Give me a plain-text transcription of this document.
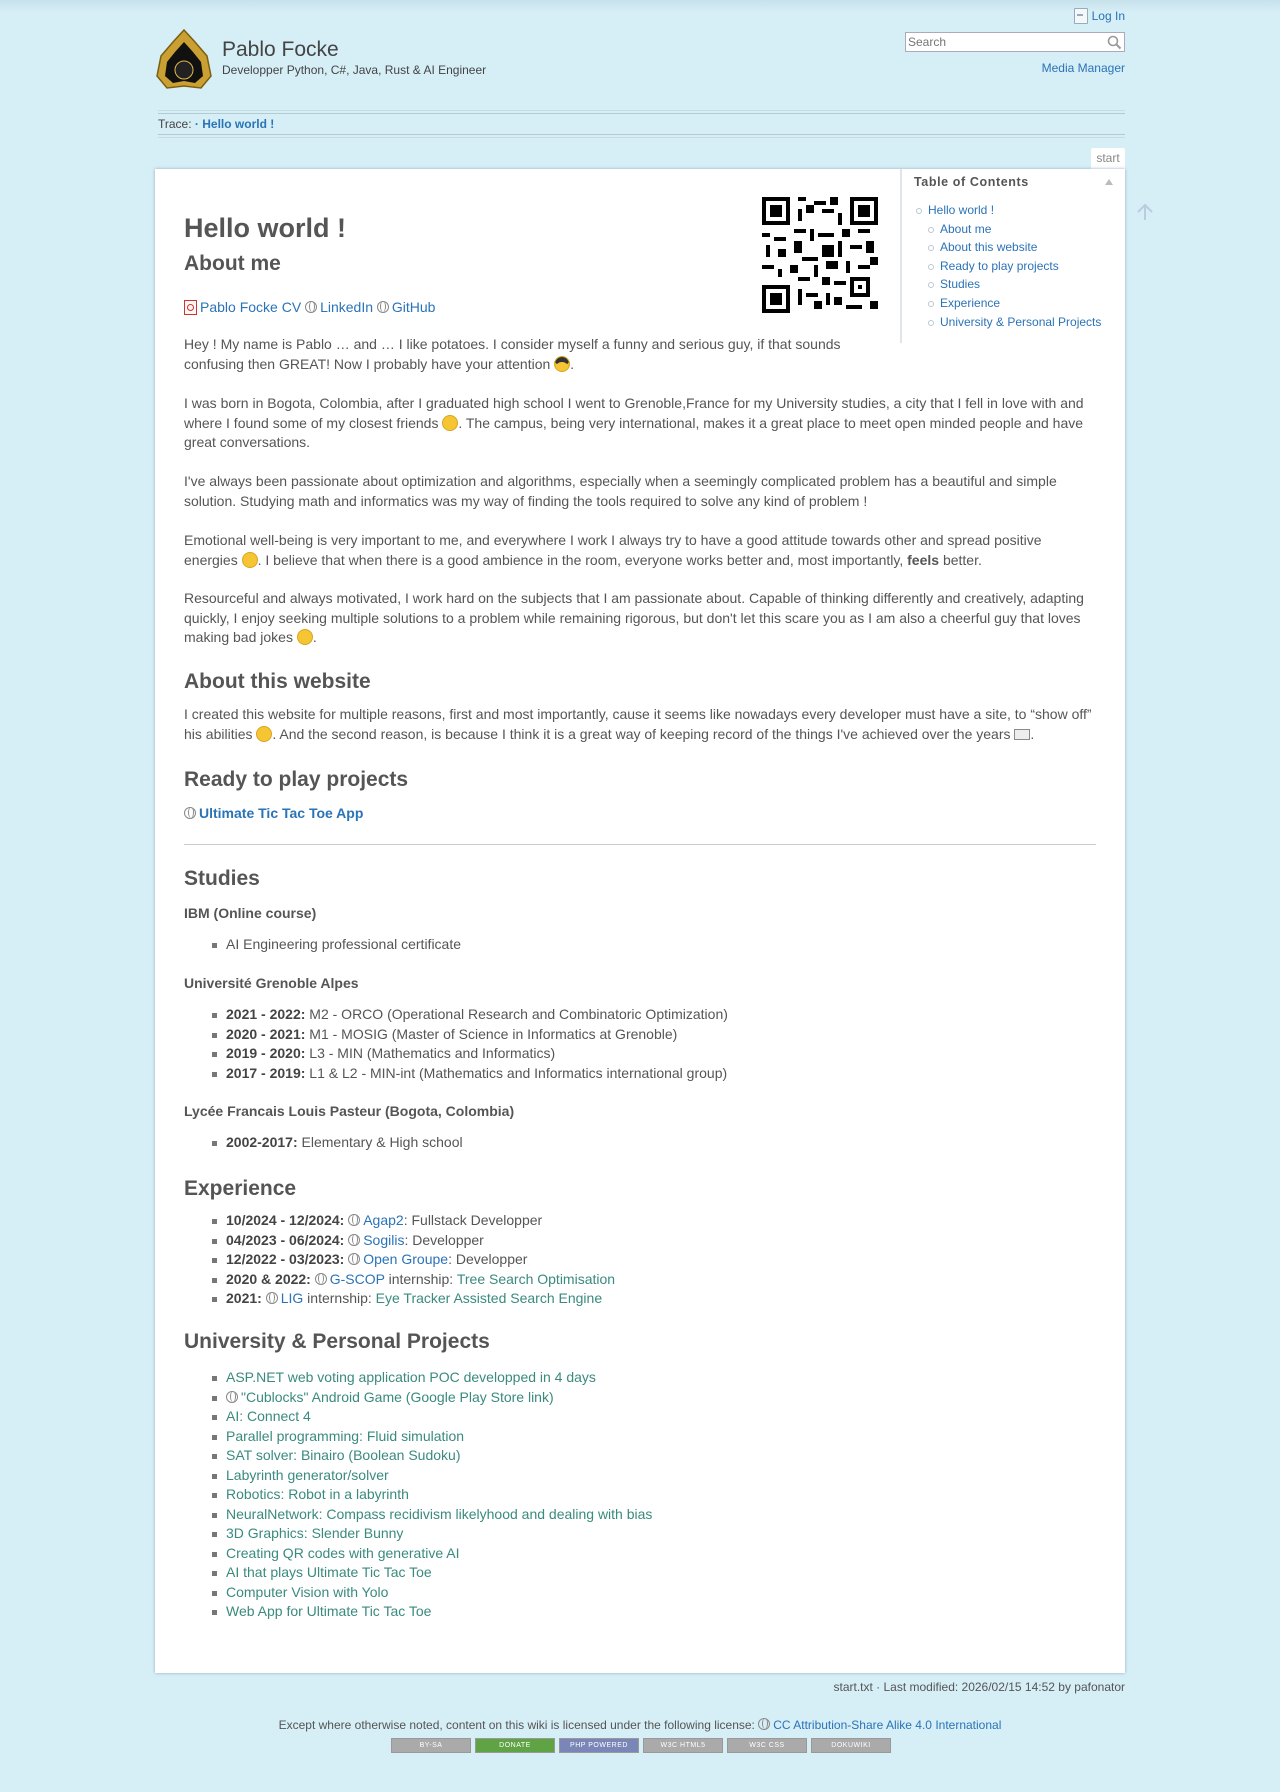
Pablo Focke
Developper Python, C#, Java, Rust & AI Engineer
Log In
Search
Media Manager
Trace: · Hello world !
start
Table of Contents
Hello world !
About me
About this website
Ready to play projects
Studies
Experience
University & Personal Projects
Hello world !
About me
Pablo Focke CV
LinkedIn
GitHub

Hey ! My name is Pablo … and … I like potatoes. I consider myself a funny and serious guy, if that sounds
confusing then GREAT! Now I probably have your attention .

I was born in Bogota, Colombia, after I graduated high school I went to Grenoble,France for my University studies, a city that I fell in love with and
where I found some of my closest friends . The campus, being very international, makes it a great place to meet open minded people and have
great conversations.

I've always been passionate about optimization and algorithms, especially when a seemingly complicated problem has a beautiful and simple
solution. Studying math and informatics was my way of finding the tools required to solve any kind of problem !

Emotional well-being is very important to me, and everywhere I work I always try to have a good attitude towards other and spread positive
energies . I believe that when there is a good ambience in the room, everyone works better and, most importantly, feels better.

Resourceful and always motivated, I work hard on the subjects that I am passionate about. Capable of thinking differently and creatively, adapting
quickly, I enjoy seeking multiple solutions to a problem while remaining rigorous, but don't let this scare you as I am also a cheerful guy that loves
making bad jokes .

About this website

I created this website for multiple reasons, first and most importantly, cause it seems like nowadays every developer must have a site, to “show off”
his abilities . And the second reason, is because I think it is a great way of keeping record of the things I've achieved over the years .

Ready to play projects
Ultimate Tic Tac Toe App
Studies
IBM (Online course)
AI Engineering professional certificate
Université Grenoble Alpes
2021 - 2022: M2 - ORCO (Operational Research and Combinatoric Optimization)
2020 - 2021: M1 - MOSIG (Master of Science in Informatics at Grenoble)
2019 - 2020: L3 - MIN (Mathematics and Informatics)
2017 - 2019: L1 & L2 - MIN-int (Mathematics and Informatics international group)
Lycée Francais Louis Pasteur (Bogota, Colombia)
2002-2017: Elementary & High school
Experience
10/2024 - 12/2024: Agap2: Fullstack Developper
04/2023 - 06/2024: Sogilis: Developper
12/2022 - 03/2023: Open Groupe: Developper
2020 & 2022: G-SCOP internship: Tree Search Optimisation
2021: LIG internship: Eye Tracker Assisted Search Engine
University & Personal Projects
ASP.NET web voting application POC developped in 4 days
"Cublocks" Android Game (Google Play Store link)
AI: Connect 4
Parallel programming: Fluid simulation
SAT solver: Binairo (Boolean Sudoku)
Labyrinth generator/solver
Robotics: Robot in a labyrinth
NeuralNetwork: Compass recidivism likelyhood and dealing with bias
3D Graphics: Slender Bunny
Creating QR codes with generative AI
AI that plays Ultimate Tic Tac Toe
Computer Vision with Yolo
Web App for Ultimate Tic Tac Toe
start.txt · Last modified: 2026/02/15 14:52 by pafonator
Except where otherwise noted, content on this wiki is licensed under the following license: CC Attribution-Share Alike 4.0 International
BY-SA	DONATE	PHP POWERED	W3C HTML5	W3C CSS	DOKUWIKI
